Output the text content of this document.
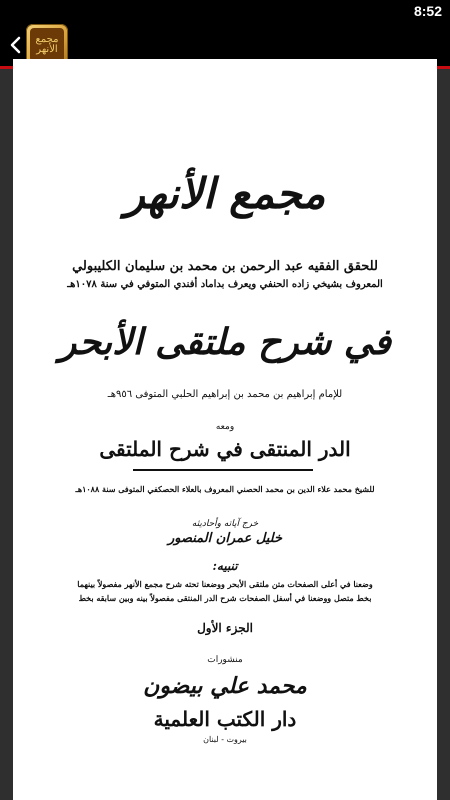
8:52
مجمع الأنهر
مجمع الأنهر
للحقق الفقيه عبد الرحمن بن محمد بن سليمان الكليبولي
المعروف بشيخي زاده الحنفي ويعرف بداماد أفندي المتوفي في سنة ١٠٧٨هـ
في شرح ملتقى الأبحر
للإمام إبراهيم بن محمد بن إبراهيم الحلبي المتوفى ٩٥٦هـ
ومعه
الدر المنتقى في شرح الملتقى
للشيخ محمد علاء الدين بن محمد الحصني المعروف بالعلاء الحصكفي المتوفى سنة ١٠٨٨هـ
خرج آياته وأحاديثه
خليل عمران المنصور
تنبيه:
وضعنا في أعلى الصفحات متن ملتقى الأبحر ووضعنا تحته شرح مجمع الأنهر مفصولاً بينهما
بخط متصل ووضعنا في أسفل الصفحات شرح الدر المنتقى مفصولاً بينه وبين سابقه بخط
الجزء الأول
منشورات
محمد علي بيضون
دار الكتب العلمية
بيروت - لبنان
